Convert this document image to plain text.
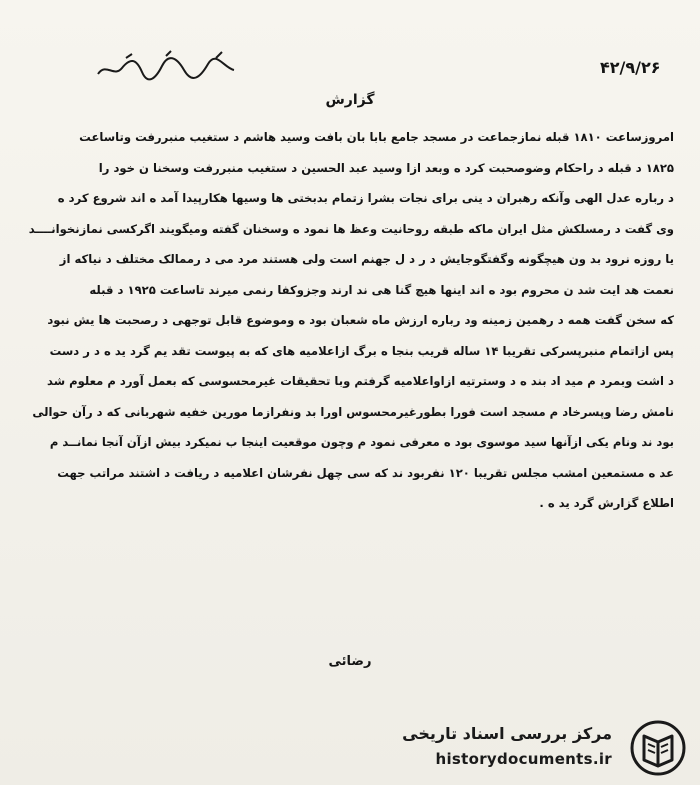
۴۲/۹/۲۶
گزارش
امروزساعت ۱۸۱۰ قبله نمازجماعت در مسجد جامع بابا بان بافت وسید هاشم د ستغیب منبررفت وتاساعت
۱۸۲۵ د قبله د راحکام وضوصحبت کرد ه وبعد ازا وسید عبد الحسین د ستغیب منبررفت وسخنا ن خود را
د رباره عدل الهی وآنکه رهبران د ینی برای نجات بشرا زتمام بدبختی ها وسیها هکارپیدا آمد ه اند شروع کرد ه
وی گفت د رمسلکش مثل ایران ماکه طبقه روحانیت وعظ ها نمود ه وسخنان گفته ومیگویند اگرکسی نمازنخوانــــد
یا روزه نرود بد ون هیچگونه وگفتگوجایش د ر د ل جهنم است ولی هستند مرد می د رممالک مختلف د نیاکه از
نعمت هد ایت شد ن محروم بود ه اند اینها هیچ گنا هی ند ارند وجزوکفا رنمی میرند تاساعت ۱۹۲۵ د قبله
که سخن گفت همه د رهمین زمینه ود رباره ارزش ماه شعبان بود ه وموضوع قابل توجهی د رصحبت ها یش نبود
پس ازاتمام منبرپسرکی تقریبا ۱۴ ساله قریب بنجا ه برگ ازاعلامیه های که به پیوست تقد یم گرد ید ه د ر دست
د اشت وبمرد م مید اد بند ه د وسترتیه ازاواعلامیه گرفتم وبا تحقیقات غیرمحسوسی که بعمل آورد م معلوم شد
نامش رضا وپسرخاد م مسجد است فورا بطورغیرمحسوس اورا بد ونفرازما مورین خفیه شهربانی که د رآن حوالی
بود ند ونام یکی ازآنها سید موسوی بود ه معرفی نمود م وچون موقعیت اینجا ب نمیکرد بیش ازآن آنجا نمانــد م
عد ه مستمعین امشب مجلس تقریبا ۱۲۰ نفربود ند که سی چهل نفرشان اعلامیه د ریافت د اشتند مراتب جهت
اطلاع گزارش گرد ید ه .
رضائی
مرکز بررسی اسناد تاریخی
historydocuments.ir
